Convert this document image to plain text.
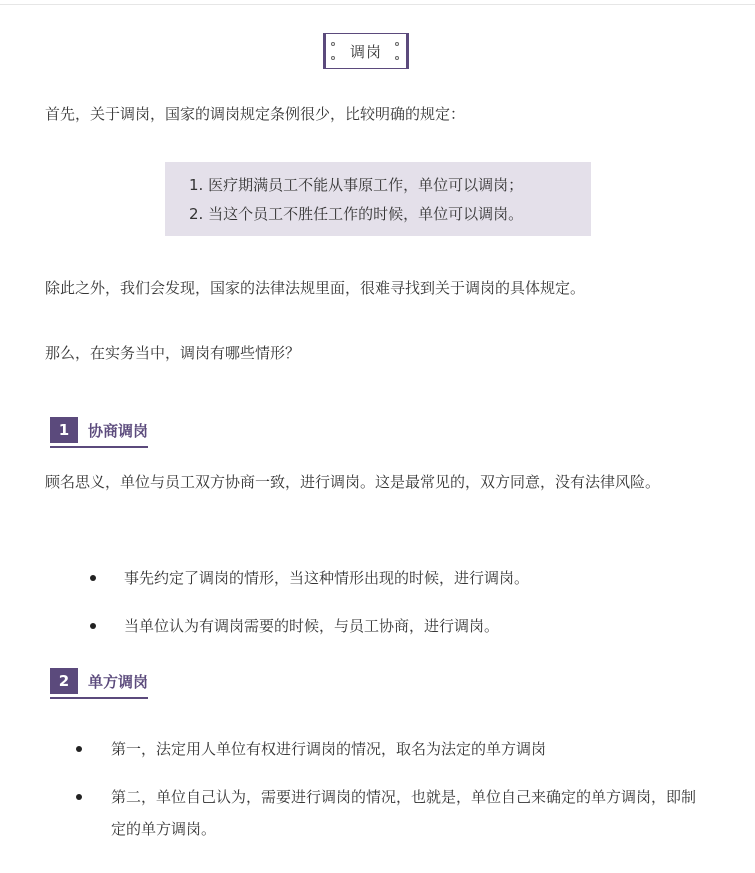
调岗

首先，关于调岗，国家的调岗规定条例很少，比较明确的规定：

1. 医疗期满员工不能从事原工作，单位可以调岗；
2. 当这个员工不胜任工作的时候，单位可以调岗。

除此之外，我们会发现，国家的法律法规里面，很难寻找到关于调岗的具体规定。

那么，在实务当中，调岗有哪些情形？

1	协商调岗

顾名思义，单位与员工双方协商一致，进行调岗。这是最常见的，双方同意，没有法律风险。

事先约定了调岗的情形，当这种情形出现的时候，进行调岗。
当单位认为有调岗需要的时候，与员工协商，进行调岗。
2	单方调岗
第一，法定用人单位有权进行调岗的情况，取名为法定的单方调岗
第二，单位自己认为，需要进行调岗的情况，也就是，单位自己来确定的单方调岗，即制定的单方调岗。
